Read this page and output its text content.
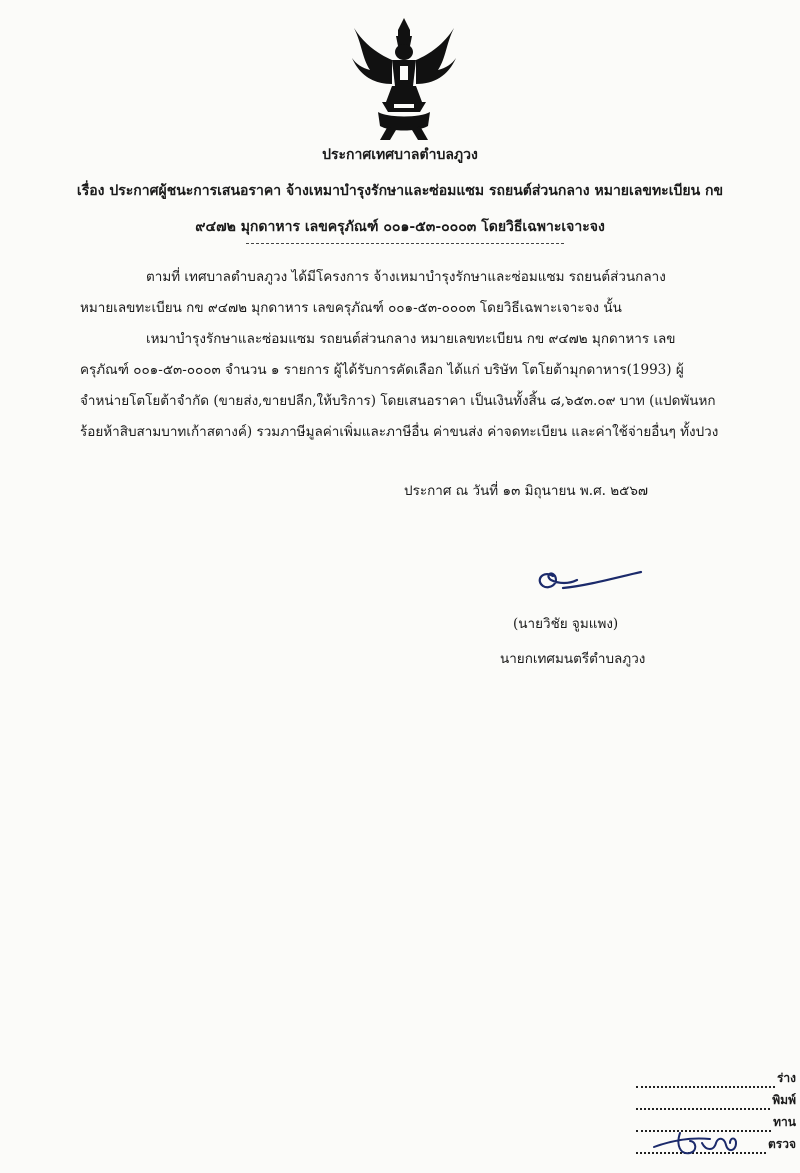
ประกาศเทศบาลตำบลภูวง
เรื่อง ประกาศผู้ชนะการเสนอราคา จ้างเหมาบำรุงรักษาและซ่อมแซม รถยนต์ส่วนกลาง หมายเลขทะเบียน กข
๙๔๗๒ มุกดาหาร เลขครุภัณฑ์ ๐๐๑-๕๓-๐๐๐๓ โดยวิธีเฉพาะเจาะจง
ตามที่ เทศบาลตำบลภูวง ได้มีโครงการ จ้างเหมาบำรุงรักษาและซ่อมแซม รถยนต์ส่วนกลาง หมายเลขทะเบียน กข ๙๔๗๒ มุกดาหาร เลขครุภัณฑ์ ๐๐๑-๕๓-๐๐๐๓ โดยวิธีเฉพาะเจาะจง นั้น
เหมาบำรุงรักษาและซ่อมแซม รถยนต์ส่วนกลาง หมายเลขทะเบียน กข ๙๔๗๒ มุกดาหาร เลขครุภัณฑ์ ๐๐๑-๕๓-๐๐๐๓ จำนวน ๑ รายการ ผู้ได้รับการคัดเลือก ได้แก่ บริษัท โตโยต้ามุกดาหาร(1993) ผู้จำหน่ายโตโยต้าจำกัด (ขายส่ง,ขายปลีก,ให้บริการ) โดยเสนอราคา เป็นเงินทั้งสิ้น ๘,๖๕๓.๐๙ บาท (แปดพันหกร้อยห้าสิบสามบาทเก้าสตางค์) รวมภาษีมูลค่าเพิ่มและภาษีอื่น ค่าขนส่ง ค่าจดทะเบียน และค่าใช้จ่ายอื่นๆ ทั้งปวง
ประกาศ ณ วันที่ ๑๓ มิถุนายน พ.ศ. ๒๕๖๗
(นายวิชัย จูมแพง)
นายกเทศมนตรีตำบลภูวง
ร่าง
พิมพ์
ทาน
ตรวจ
